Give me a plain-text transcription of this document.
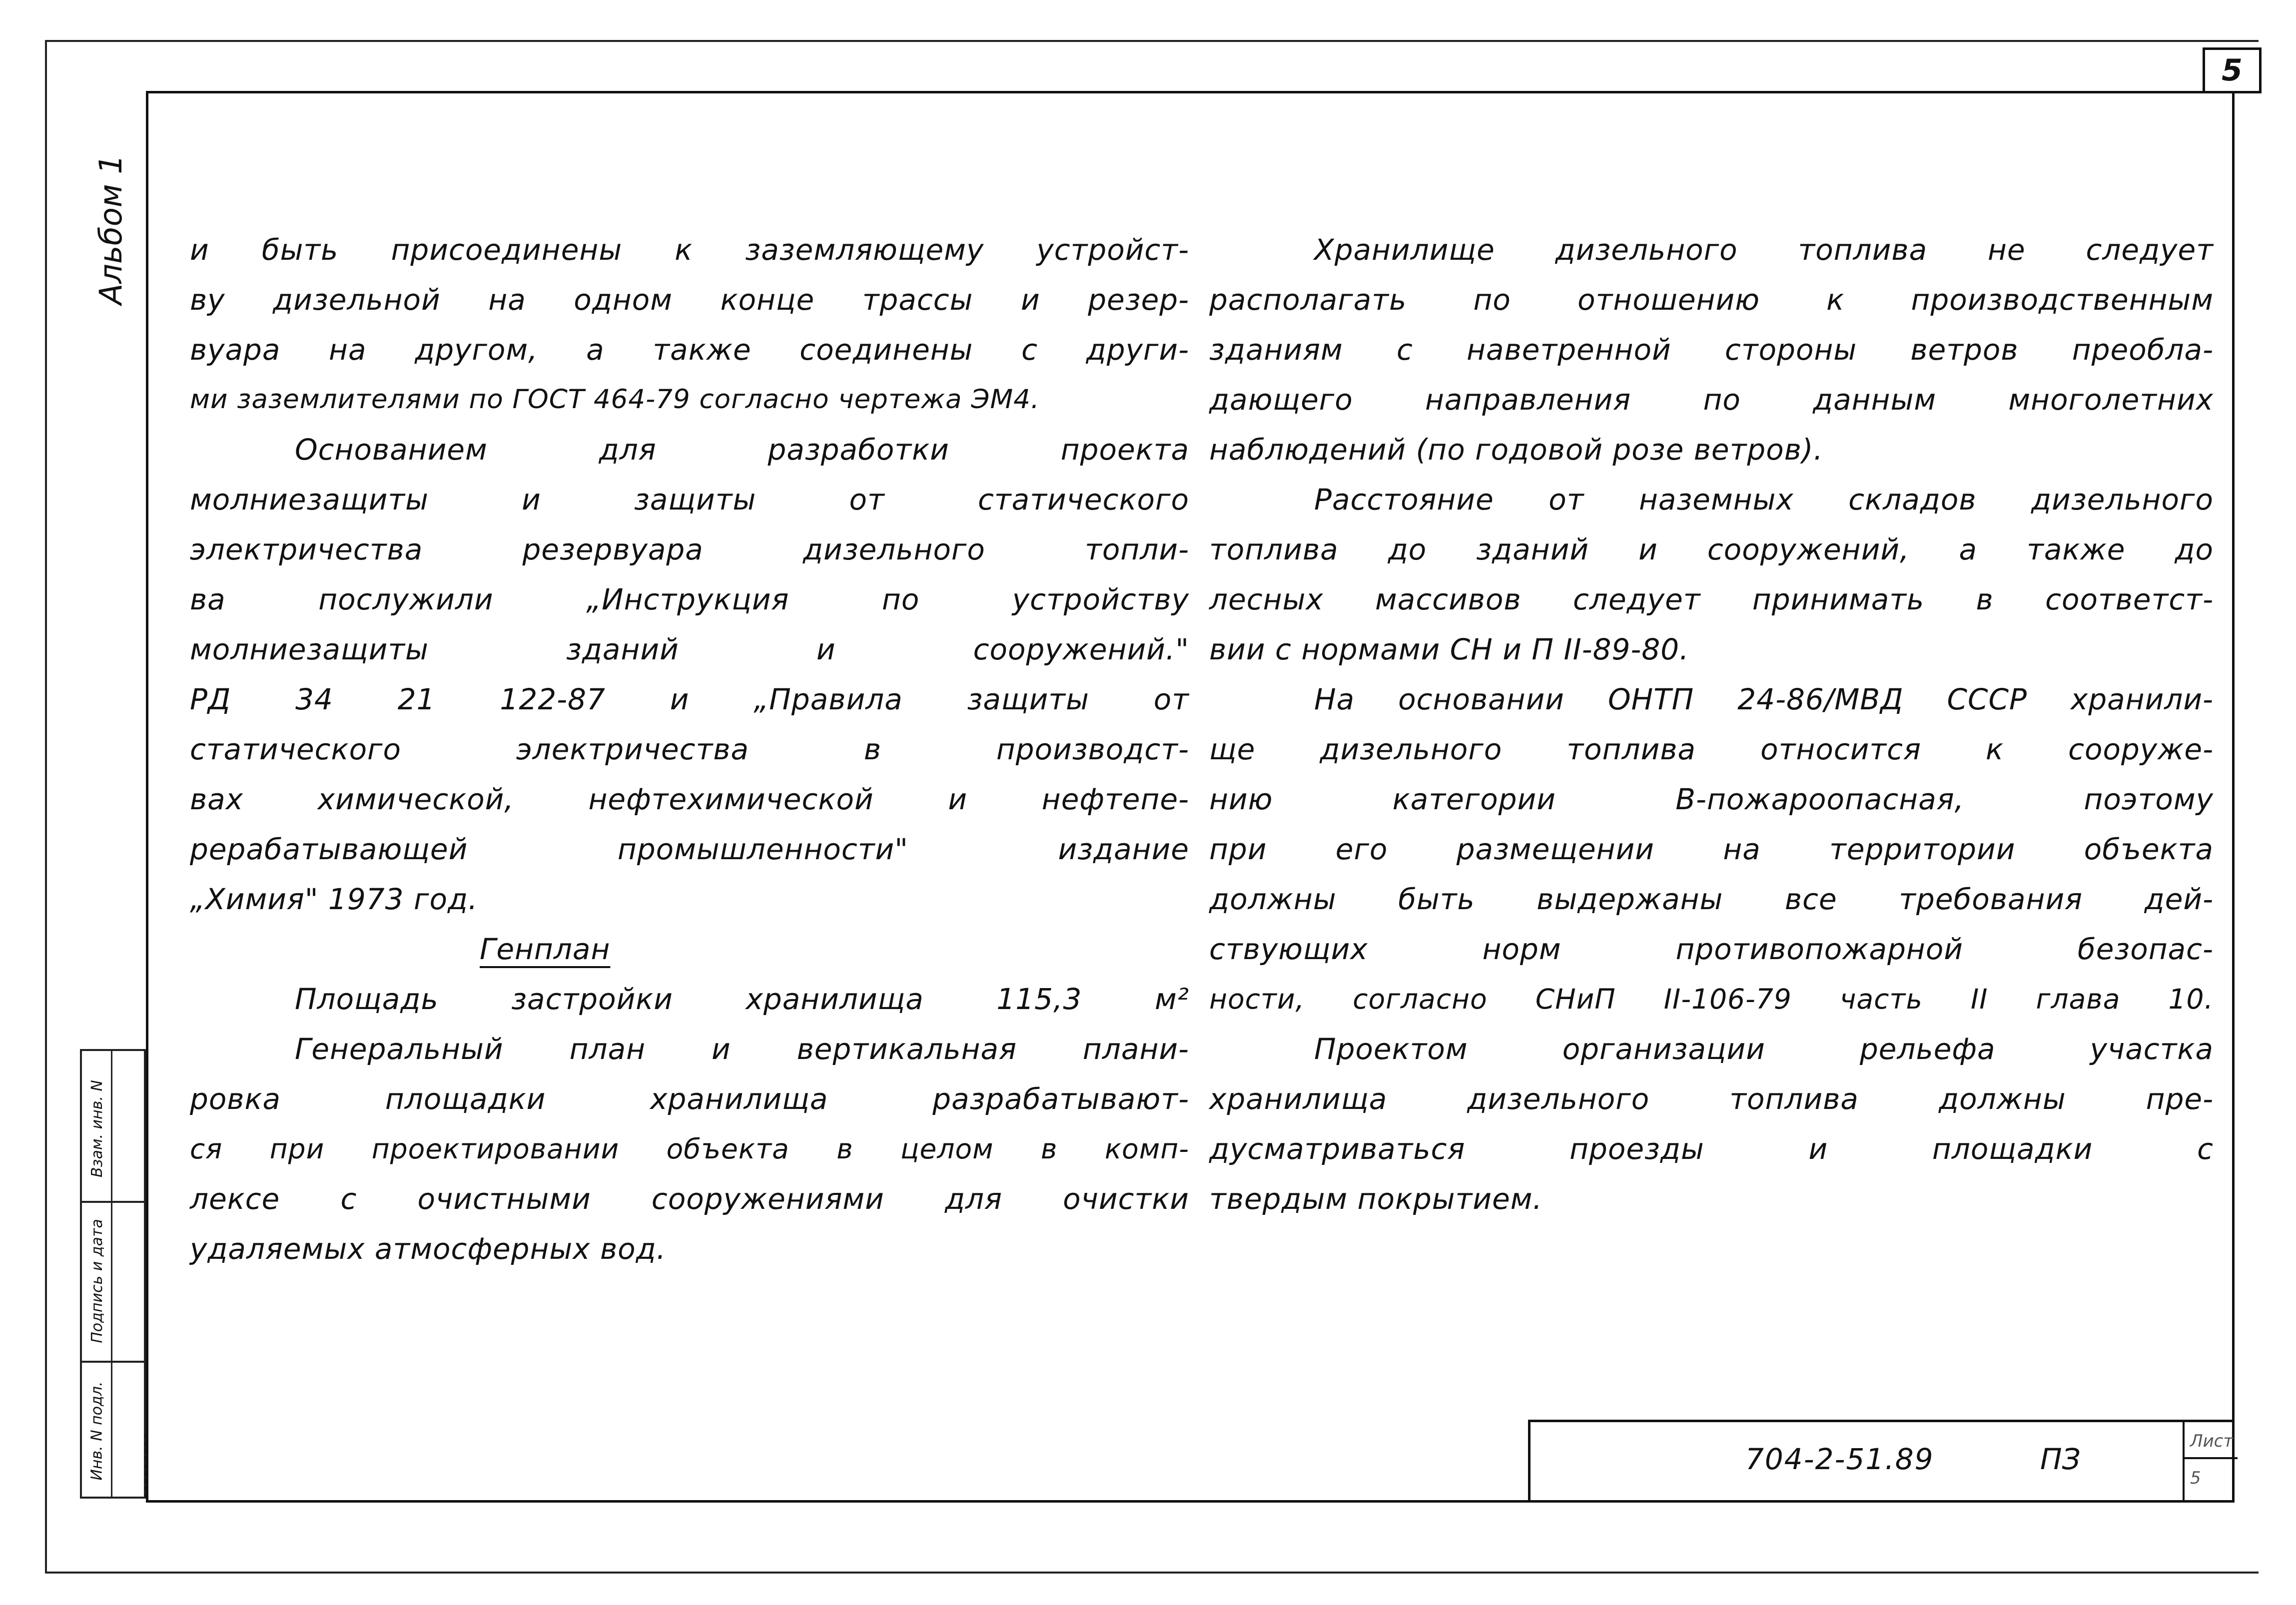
5
Альбом 1
Взам. инв. N
Подпись и дата
Инв. N подл.
и быть присоединены к заземляющему устройст-
ву дизельной на одном конце трассы и резер-
вуара на другом, а также соединены с други-
ми заземлителями по ГОСТ 464-79 согласно чертежа ЭМ4.
Основанием для разработки проекта
молниезащиты и защиты от статического
электричества резервуара дизельного топли-
ва послужили „Инструкция по устройству
молниезащиты зданий и сооружений."
РД 34 21 122-87 и „Правила защиты от
статического электричества в производст-
вах химической, нефтехимической и нефтепе-
рерабатывающей промышленности" издание
„Химия" 1973 год.
Генплан
Площадь застройки хранилища 115,3 м²
Генеральный план и вертикальная плани-
ровка площадки хранилища разрабатывают-
ся при проектировании объекта в целом в комп-
лексе с очистными сооружениями для очистки
удаляемых атмосферных вод.
Хранилище дизельного топлива не следует
располагать по отношению к производственным
зданиям с наветренной стороны ветров преобла-
дающего направления по данным многолетних
наблюдений (по годовой розе ветров).
Расстояние от наземных складов дизельного
топлива до зданий и сооружений, а также до
лесных массивов следует принимать в соответст-
вии с нормами СН и П II-89-80.
На основании ОНТП 24-86/МВД СССР хранили-
ще дизельного топлива относится к сооруже-
нию категории В-пожароопасная, поэтому
при его размещении на территории объекта
должны быть выдержаны все требования дей-
ствующих норм противопожарной безопас-
ности, согласно СНиП II-106-79 часть II глава 10.
Проектом организации рельефа участка
хранилища дизельного топлива должны пре-
дусматриваться проезды и площадки с
твердым покрытием.
704-2-51.89	ПЗ
Лист
5
